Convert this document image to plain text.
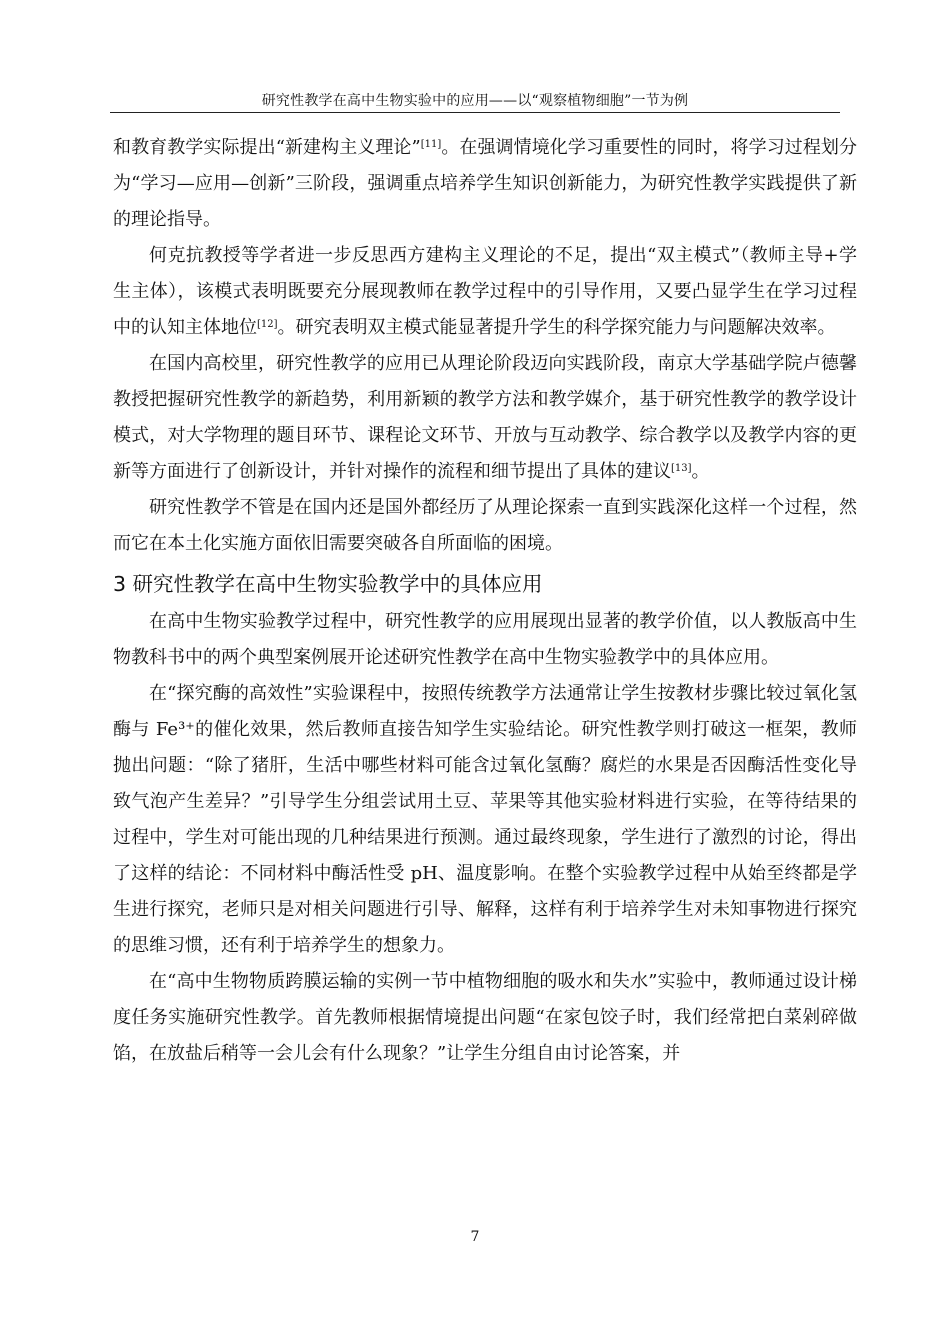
研究性教学在高中生物实验中的应用——以“观察植物细胞”一节为例

和教育教学实际提出“新建构主义理论”[11]。在强调情境化学习重要性的同时，将学习过程划分为“学习—应用—创新”三阶段，强调重点培养学生知识创新能力，为研究性教学实践提供了新的理论指导。

何克抗教授等学者进一步反思西方建构主义理论的不足，提出“双主模式”（教师主导+学生主体），该模式表明既要充分展现教师在教学过程中的引导作用，又要凸显学生在学习过程中的认知主体地位[12]。研究表明双主模式能显著提升学生的科学探究能力与问题解决效率。

在国内高校里，研究性教学的应用已从理论阶段迈向实践阶段，南京大学基础学院卢德馨教授把握研究性教学的新趋势，利用新颖的教学方法和教学媒介，基于研究性教学的教学设计模式，对大学物理的题目环节、课程论文环节、开放与互动教学、综合教学以及教学内容的更新等方面进行了创新设计，并针对操作的流程和细节提出了具体的建议[13]。

研究性教学不管是在国内还是国外都经历了从理论探索一直到实践深化这样一个过程，然而它在本土化实施方面依旧需要突破各自所面临的困境。

3 研究性教学在高中生物实验教学中的具体应用

在高中生物实验教学过程中，研究性教学的应用展现出显著的教学价值，以人教版高中生物教科书中的两个典型案例展开论述研究性教学在高中生物实验教学中的具体应用。

在“探究酶的高效性”实验课程中，按照传统教学方法通常让学生按教材步骤比较过氧化氢酶与 Fe³⁺的催化效果，然后教师直接告知学生实验结论。研究性教学则打破这一框架，教师抛出问题：“除了猪肝，生活中哪些材料可能含过氧化氢酶？腐烂的水果是否因酶活性变化导致气泡产生差异？”引导学生分组尝试用土豆、苹果等其他实验材料进行实验，在等待结果的过程中，学生对可能出现的几种结果进行预测。通过最终现象，学生进行了激烈的讨论，得出了这样的结论：不同材料中酶活性受 pH、温度影响。在整个实验教学过程中从始至终都是学生进行探究，老师只是对相关问题进行引导、解释，这样有利于培养学生对未知事物进行探究的思维习惯，还有利于培养学生的想象力。

在“高中生物物质跨膜运输的实例一节中植物细胞的吸水和失水”实验中，教师通过设计梯度任务实施研究性教学。首先教师根据情境提出问题“在家包饺子时，我们经常把白菜剁碎做馅，在放盐后稍等一会儿会有什么现象？”让学生分组自由讨论答案，并

7
